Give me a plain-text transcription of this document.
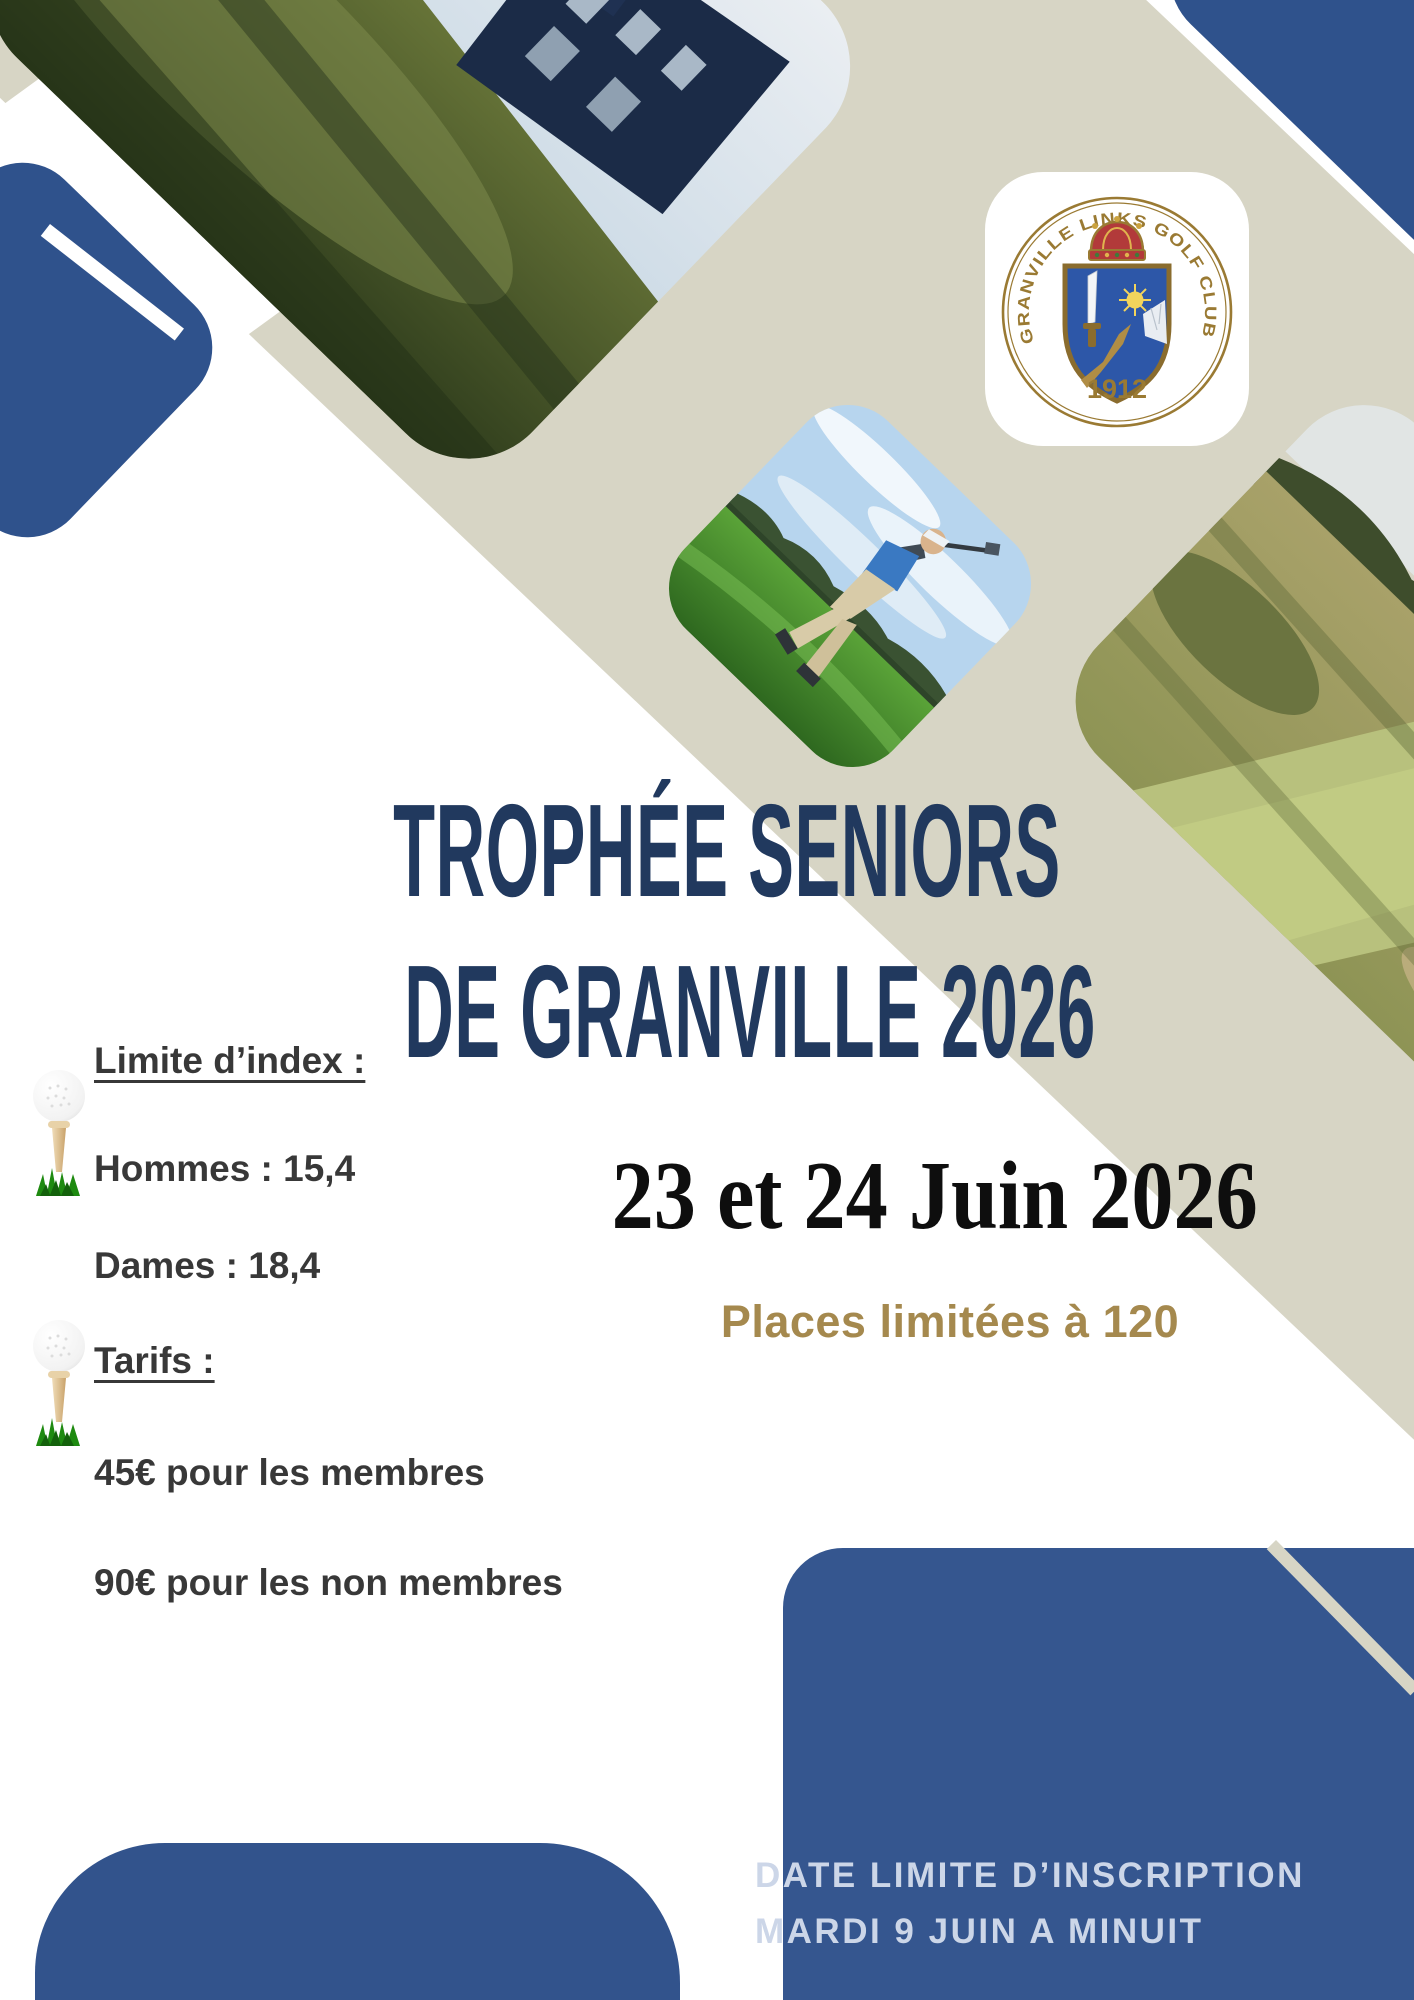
GRANVILLE LINKS GOLF CLUB
1912
TROPHÉE SENIORS
DE GRANVILLE 2026
Limite d’index :
Hommes : 15,4
Dames : 18,4
Tarifs :
45€ pour les membres
90€ pour les non membres
23 et 24 Juin 2026
Places limitées à 120
DATE LIMITE D’INSCRIPTION
MARDI 9 JUIN A MINUIT
